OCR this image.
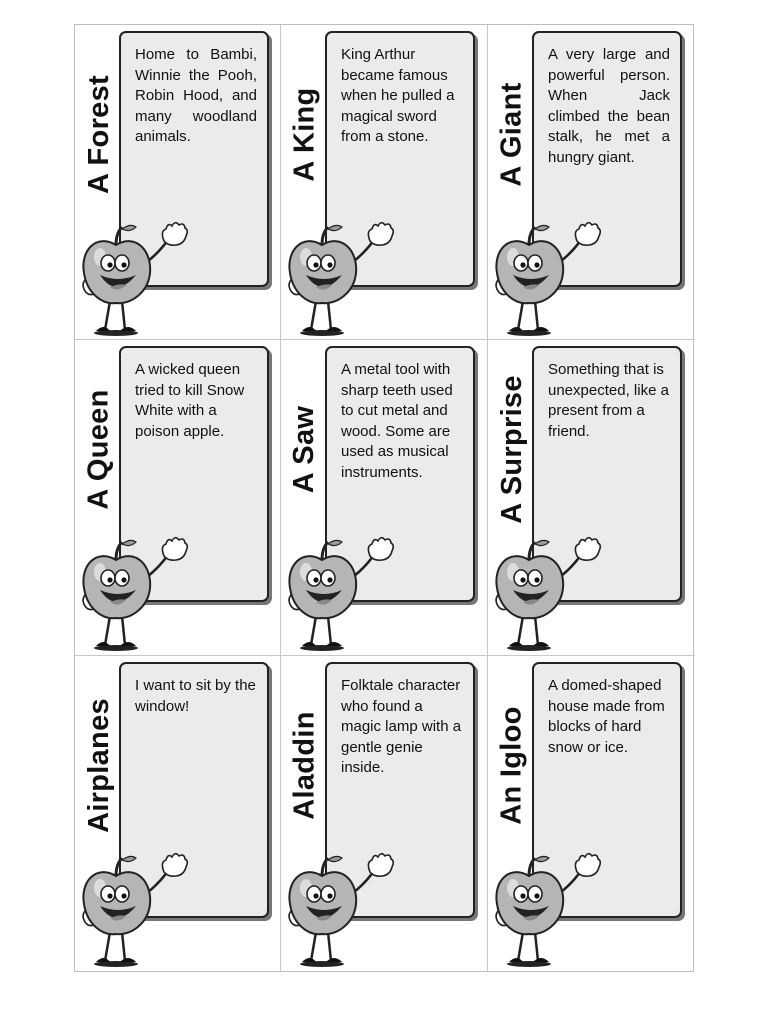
A Forest
Home to Bambi, Winnie the Pooh, Robin Hood, and many woodland animals.	A King
King Arthur became famous when he pulled a magical sword from a stone.	A Giant
A very large and powerful person. When Jack climbed the bean stalk, he met a hungry giant.
A Queen
A wicked queen tried to kill Snow White with a poison apple.	A Saw
A metal tool with sharp teeth used to cut metal and wood. Some are used as musical instruments.	A Surprise
Something that is unexpected, like a present from a friend.
Airplanes
I want to sit by the window!
Aladdin
Folktale character who found a magic lamp with a gentle genie inside.	An Igloo
A domed-shaped house made from blocks of hard snow or ice.
